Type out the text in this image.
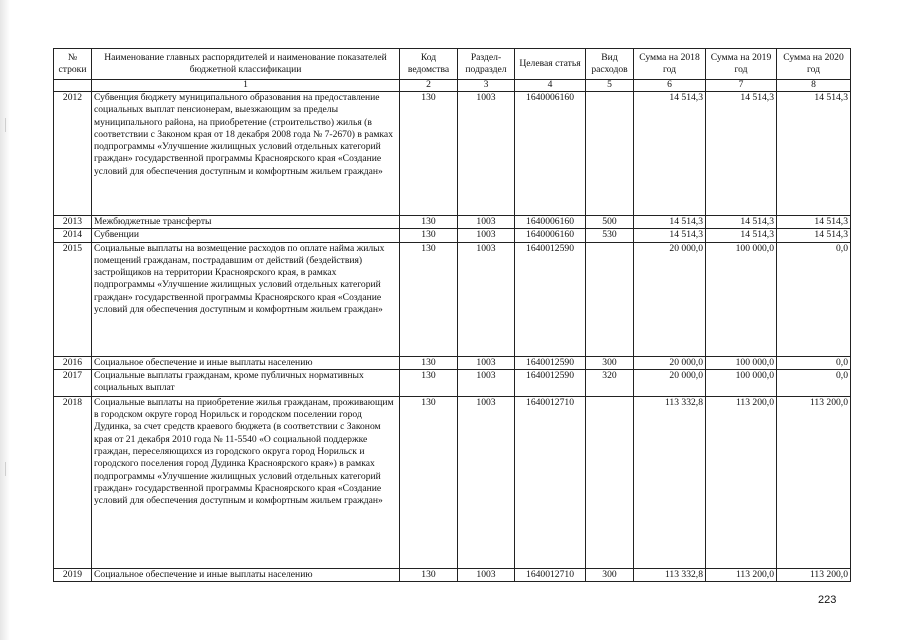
№ строки	Наименование главных распорядителей и наименование показателей бюджетной классификации	Код ведомства	Раздел-подраздел	Целевая статья	Вид расходов	Сумма на 2018 год	Сумма на 2019 год	Сумма на 2020 год
	1	2	3	4	5	6	7	8
2012	Субвенция бюджету муниципального образования на предоставление социальных выплат пенсионерам, выезжающим за пределы муниципального района, на приобретение (строительство) жилья (в соответствии с Законом края от 18 декабря 2008 года № 7-2670) в рамках подпрограммы «Улучшение жилищных условий отдельных категорий граждан» государственной программы Красноярского края «Создание условий для обеспечения доступным и комфортным жильем граждан»	130	1003	1640006160		14 514,3	14 514,3	14 514,3
2013	Межбюджетные трансферты	130	1003	1640006160	500	14 514,3	14 514,3	14 514,3
2014	Субвенции	130	1003	1640006160	530	14 514,3	14 514,3	14 514,3
2015	Социальные выплаты на возмещение расходов по оплате найма жилых помещений гражданам, пострадавшим от действий (бездействия) застройщиков на территории Красноярского края, в рамках подпрограммы «Улучшение жилищных условий отдельных категорий граждан» государственной программы Красноярского края «Создание условий для обеспечения доступным и комфортным жильем граждан»	130	1003	1640012590		20 000,0	100 000,0	0,0
2016	Социальное обеспечение и иные выплаты населению	130	1003	1640012590	300	20 000,0	100 000,0	0,0
2017	Социальные выплаты гражданам, кроме публичных нормативных социальных выплат	130	1003	1640012590	320	20 000,0	100 000,0	0,0
2018	Социальные выплаты на приобретение жилья гражданам, проживающим в городском округе город Норильск и городском поселении город Дудинка, за счет средств краевого бюджета (в соответствии с Законом края от 21 декабря 2010 года № 11-5540 «О социальной поддержке граждан, переселяющихся из городского округа город Норильск и городского поселения город Дудинка Красноярского края») в рамках подпрограммы «Улучшение жилищных условий отдельных категорий граждан» государственной программы Красноярского края «Создание условий для обеспечения доступным и комфортным жильем граждан»	130	1003	1640012710		113 332,8	113 200,0	113 200,0
2019	Социальное обеспечение и иные выплаты населению	130	1003	1640012710	300	113 332,8	113 200,0	113 200,0
223
